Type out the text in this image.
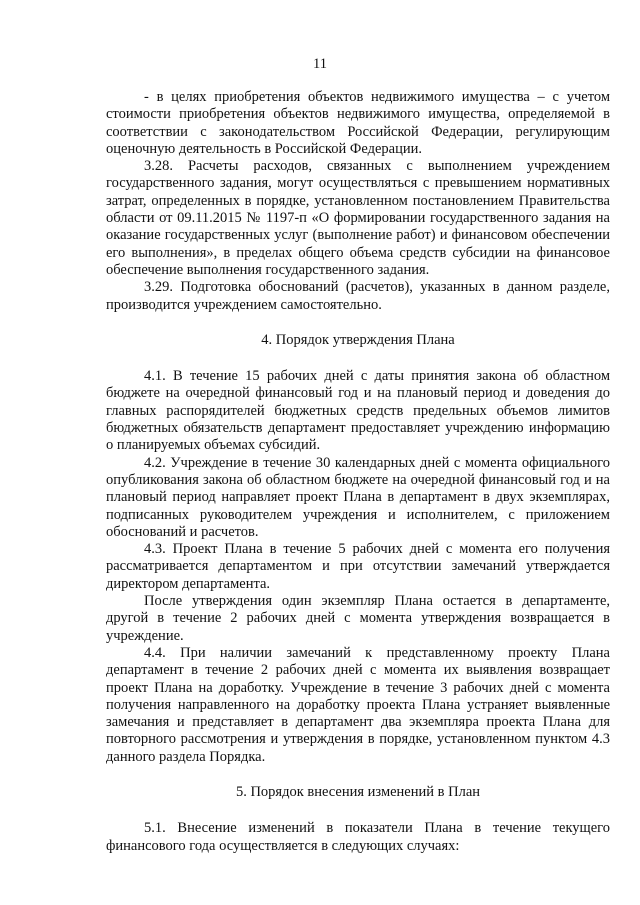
11

- в целях приобретения объектов недвижимого имущества – с учетом стоимости приобретения объектов недвижимого имущества, определяемой в соответствии с законодательством Российской Федерации, регулирующим оценочную деятельность в Российской Федерации.

3.28. Расчеты расходов, связанных с выполнением учреждением государственного задания, могут осуществляться с превышением нормативных затрат, определенных в порядке, установленном постановлением Правительства области от 09.11.2015 № 1197-п «О формировании государственного задания на оказание государственных услуг (выполнение работ) и финансовом обеспечении его выполнения», в пределах общего объема средств субсидии на финансовое обеспечение выполнения государственного задания.

3.29. Подготовка обоснований (расчетов), указанных в данном разделе, производится учреждением самостоятельно.

4. Порядок утверждения Плана

4.1. В течение 15 рабочих дней с даты принятия закона об областном бюджете на очередной финансовый год и на плановый период и доведения до главных распорядителей бюджетных средств предельных объемов лимитов бюджетных обязательств департамент предоставляет учреждению информацию о планируемых объемах субсидий.

4.2. Учреждение в течение 30 календарных дней с момента официального опубликования закона об областном бюджете на очередной финансовый год и на плановый период направляет проект Плана в департамент в двух экземплярах, подписанных руководителем учреждения и исполнителем, с приложением обоснований и расчетов.

4.3. Проект Плана в течение 5 рабочих дней с момента его получения рассматривается департаментом и при отсутствии замечаний утверждается директором департамента.

После утверждения один экземпляр Плана остается в департаменте, другой в течение 2 рабочих дней с момента утверждения возвращается в учреждение.

4.4. При наличии замечаний к представленному проекту Плана департамент в течение 2 рабочих дней с момента их выявления возвращает проект Плана на доработку. Учреждение в течение 3 рабочих дней с момента получения направленного на доработку проекта Плана устраняет выявленные замечания и представляет в департамент два экземпляра проекта Плана для повторного рассмотрения и утверждения в порядке, установленном пунктом 4.3 данного раздела Порядка.

5. Порядок внесения изменений в План

5.1. Внесение изменений в показатели Плана в течение текущего финансового года осуществляется в следующих случаях:
